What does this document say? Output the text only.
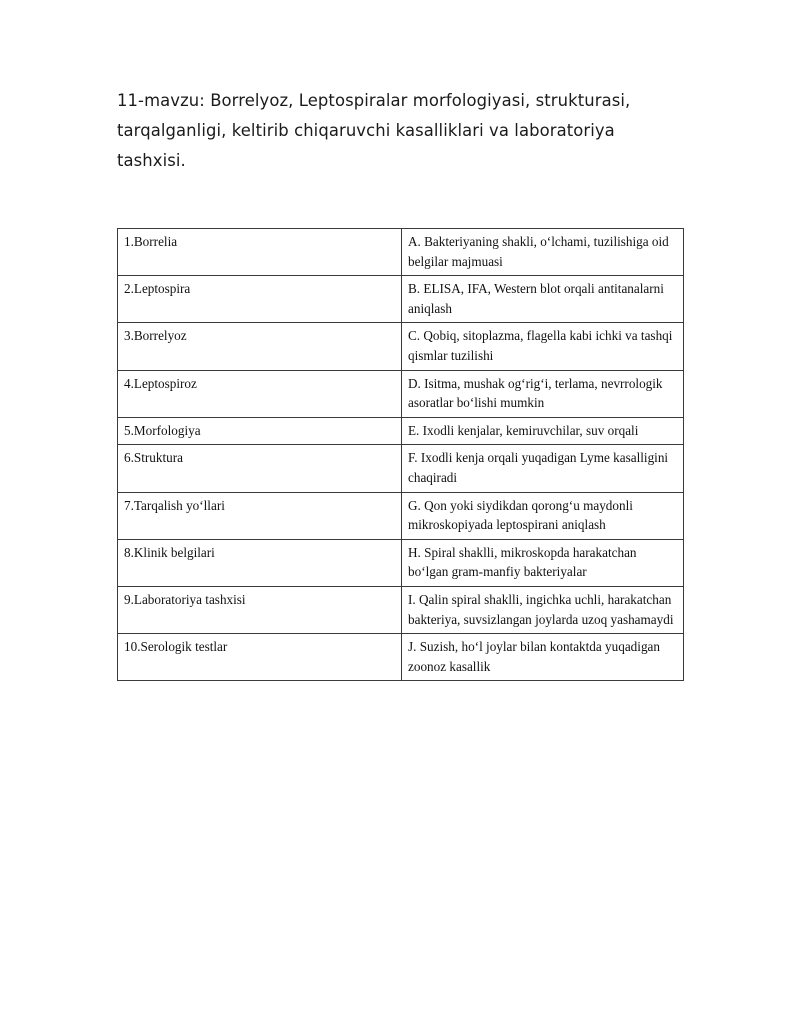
11-mavzu: Borrelyoz, Leptospiralar morfologiyasi, strukturasi, tarqalganligi, keltirib chiqaruvchi kasalliklari va laboratoriya tashxisi.
1.Borrelia	A. Bakteriyaning shakli, o‘lchami, tuzilishiga oid belgilar majmuasi
2.Leptospira	B. ELISA, IFA, Western blot orqali antitanalarni aniqlash
3.Borrelyoz	C. Qobiq, sitoplazma, flagella kabi ichki va tashqi qismlar tuzilishi
4.Leptospiroz	D. Isitma, mushak og‘rig‘i, terlama, nevrrologik asoratlar bo‘lishi mumkin
5.Morfologiya	E. Ixodli kenjalar, kemiruvchilar, suv orqali
6.Struktura	F. Ixodli kenja orqali yuqadigan Lyme kasalligini chaqiradi
7.Tarqalish yo‘llari	G. Qon yoki siydikdan qorong‘u maydonli mikroskopiyada leptospirani aniqlash
8.Klinik belgilari	H. Spiral shaklli, mikroskopda harakatchan bo‘lgan gram-manfiy bakteriyalar
9.Laboratoriya tashxisi	I. Qalin spiral shaklli, ingichka uchli, harakatchan bakteriya, suvsizlangan joylarda uzoq yashamaydi
10.Serologik testlar	J. Suzish, ho‘l joylar bilan kontaktda yuqadigan zoonoz kasallik
